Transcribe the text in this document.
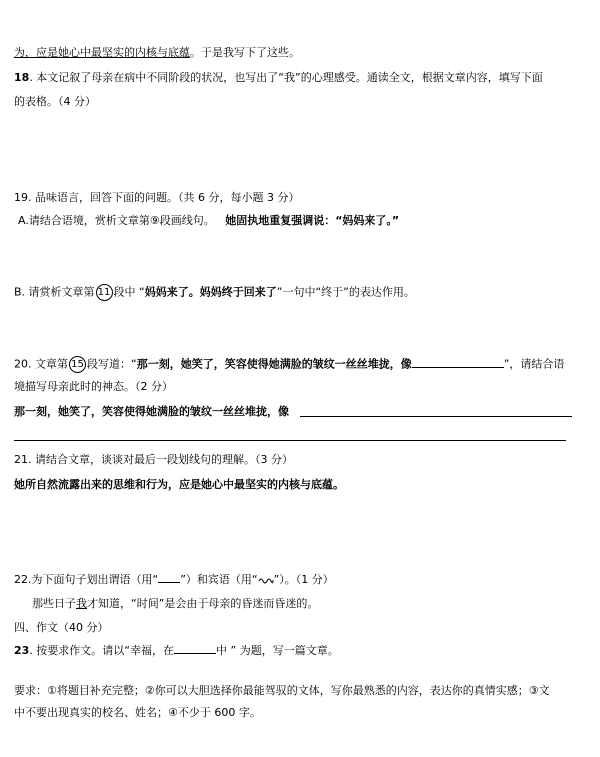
为，应是她心中最坚实的内核与底蕴。于是我写下了这些。
18. 本文记叙了母亲在病中不同阶段的状况，也写出了“我”的心理感受。通读全文，根据文章内容，填写下面
的表格。（4 分）
19. 品味语言，回答下面的问题。（共 6 分，每小题 3 分）
A.请结合语境，赏析文章第⑨段画线句。 她固执地重复强调说：“妈妈来了。”
B. 请赏析文章第 11 段中 “妈妈来了。妈妈终于回来了”一句中“终于”的表达作用。
20. 文章第 15 段写道：“那一刻，她笑了，笑容使得她满脸的皱纹一丝丝堆拢，像	”，请结合语
境描写母亲此时的神态。（2 分）
那一刻，她笑了，笑容使得她满脸的皱纹一丝丝堆拢，像
21. 请结合文章，谈谈对最后一段划线句的理解。（3 分）
她所自然流露出来的思维和行为，应是她心中最坚实的内核与底蕴。
22.为下面句子划出谓语（用“ ”）和宾语（用“ ”）。（1 分）
那些日子我才知道，“时间”是会由于母亲的昏迷而昏迷的。
四、作文（40 分）
23. 按要求作文。请以“幸福，在	中 ” 为题，写一篇文章。
要求：①将题目补充完整；②你可以大胆选择你最能驾驭的文体，写你最熟悉的内容，表达你的真情实感；③文
中不要出现真实的校名、姓名；④不少于 600 字。
